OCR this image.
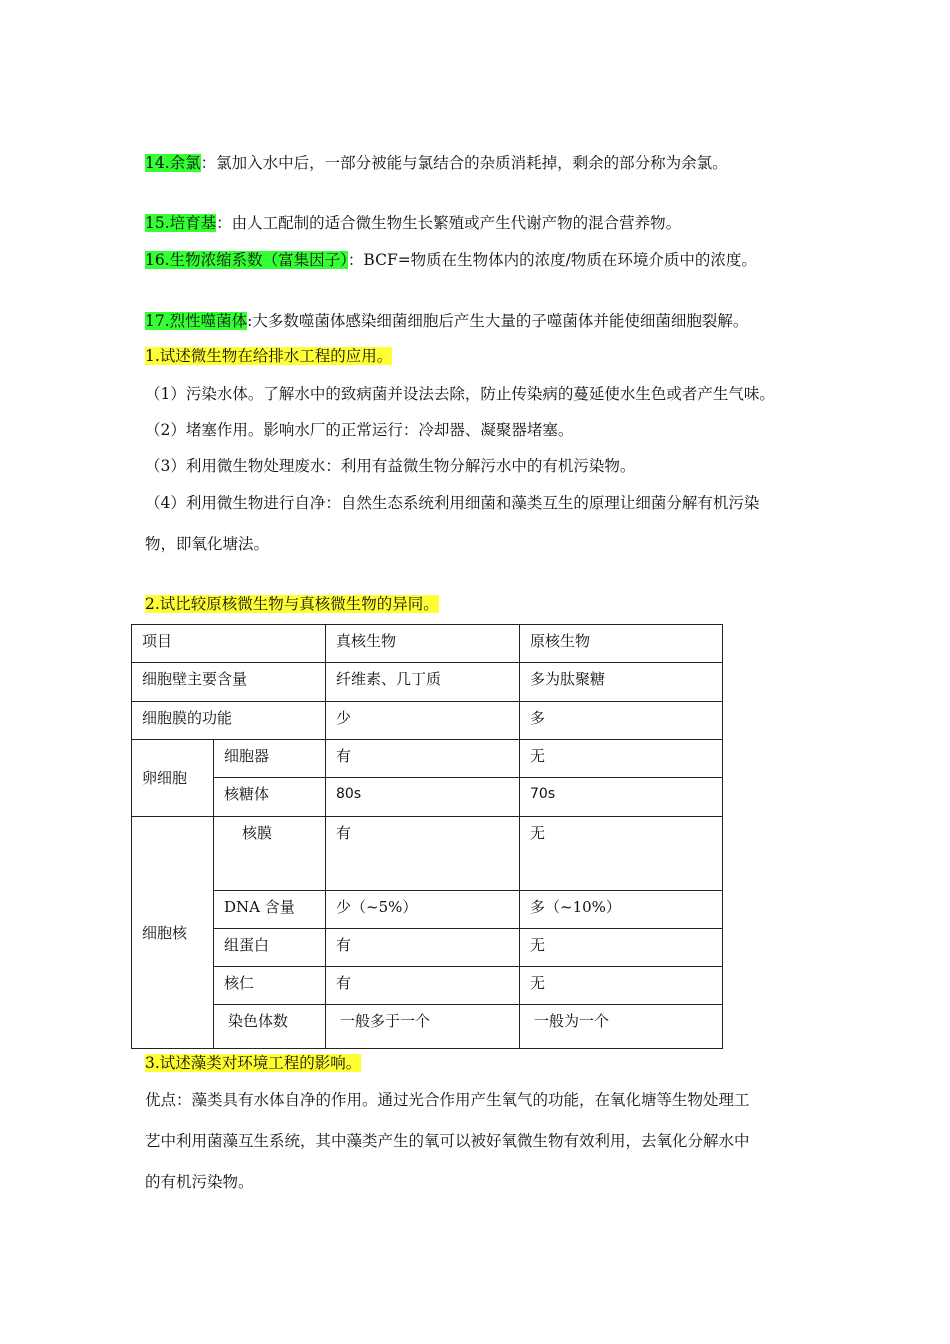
14.余氯：氯加入水中后，一部分被能与氯结合的杂质消耗掉，剩余的部分称为余氯。
15.培育基：由人工配制的适合微生物生长繁殖或产生代谢产物的混合营养物。
16.生物浓缩系数（富集因子）：BCF=物质在生物体内的浓度/物质在环境介质中的浓度。
17.烈性噬菌体:大多数噬菌体感染细菌细胞后产生大量的子噬菌体并能使细菌细胞裂解。
1.试述微生物在给排水工程的应用。
（1）污染水体。了解水中的致病菌并设法去除，防止传染病的蔓延使水生色或者产生气味。
（2）堵塞作用。影响水厂的正常运行：冷却器、凝聚器堵塞。
（3）利用微生物处理废水：利用有益微生物分解污水中的有机污染物。
（4）利用微生物进行自净：自然生态系统利用细菌和藻类互生的原理让细菌分解有机污染
物，即氧化塘法。
2.试比较原核微生物与真核微生物的异同。
项目		真核生物	原核生物
细胞壁主要含量		纤维素、几丁质	多为肽聚糖
细胞膜的功能		少	多
卵细胞	细胞器	有	无
	核糖体	80s	70s
细胞核	核膜	有	无
	DNA 含量	少（~5%）	多（~10%）
	组蛋白	有	无
	核仁	有	无
	染色体数	一般多于一个	一般为一个
3.试述藻类对环境工程的影响。
优点：藻类具有水体自净的作用。通过光合作用产生氧气的功能，在氧化塘等生物处理工
艺中利用菌藻互生系统，其中藻类产生的氧可以被好氧微生物有效利用，去氧化分解水中
的有机污染物。
